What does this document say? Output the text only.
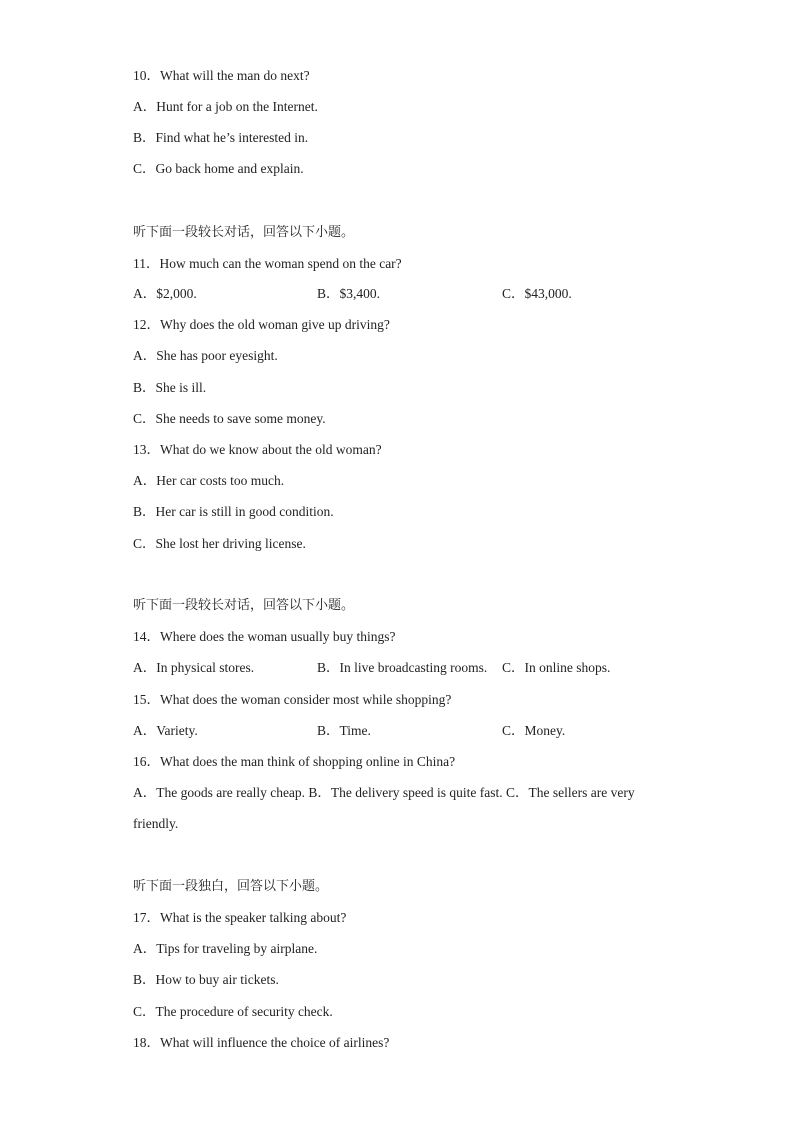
10．What will the man do next?
A．Hunt for a job on the Internet.
B．Find what he’s interested in.
C．Go back home and explain.
听下面一段较长对话，回答以下小题。
11．How much can the woman spend on the car?
A．$2,000.	B．$3,400.	C．$43,000.
12．Why does the old woman give up driving?
A．She has poor eyesight.
B．She is ill.
C．She needs to save some money.
13．What do we know about the old woman?
A．Her car costs too much.
B．Her car is still in good condition.
C．She lost her driving license.
听下面一段较长对话，回答以下小题。
14．Where does the woman usually buy things?
A．In physical stores.	B．In live broadcasting rooms. C．In online shops.
15．What does the woman consider most while shopping?
A．Variety.	B．Time.	C．Money.
16．What does the man think of shopping online in China?
A．The goods are really cheap. B．The delivery speed is quite fast. C．The sellers are very
friendly.
听下面一段独白，回答以下小题。
17．What is the speaker talking about?
A．Tips for traveling by airplane.
B．How to buy air tickets.
C．The procedure of security check.
18．What will influence the choice of airlines?
